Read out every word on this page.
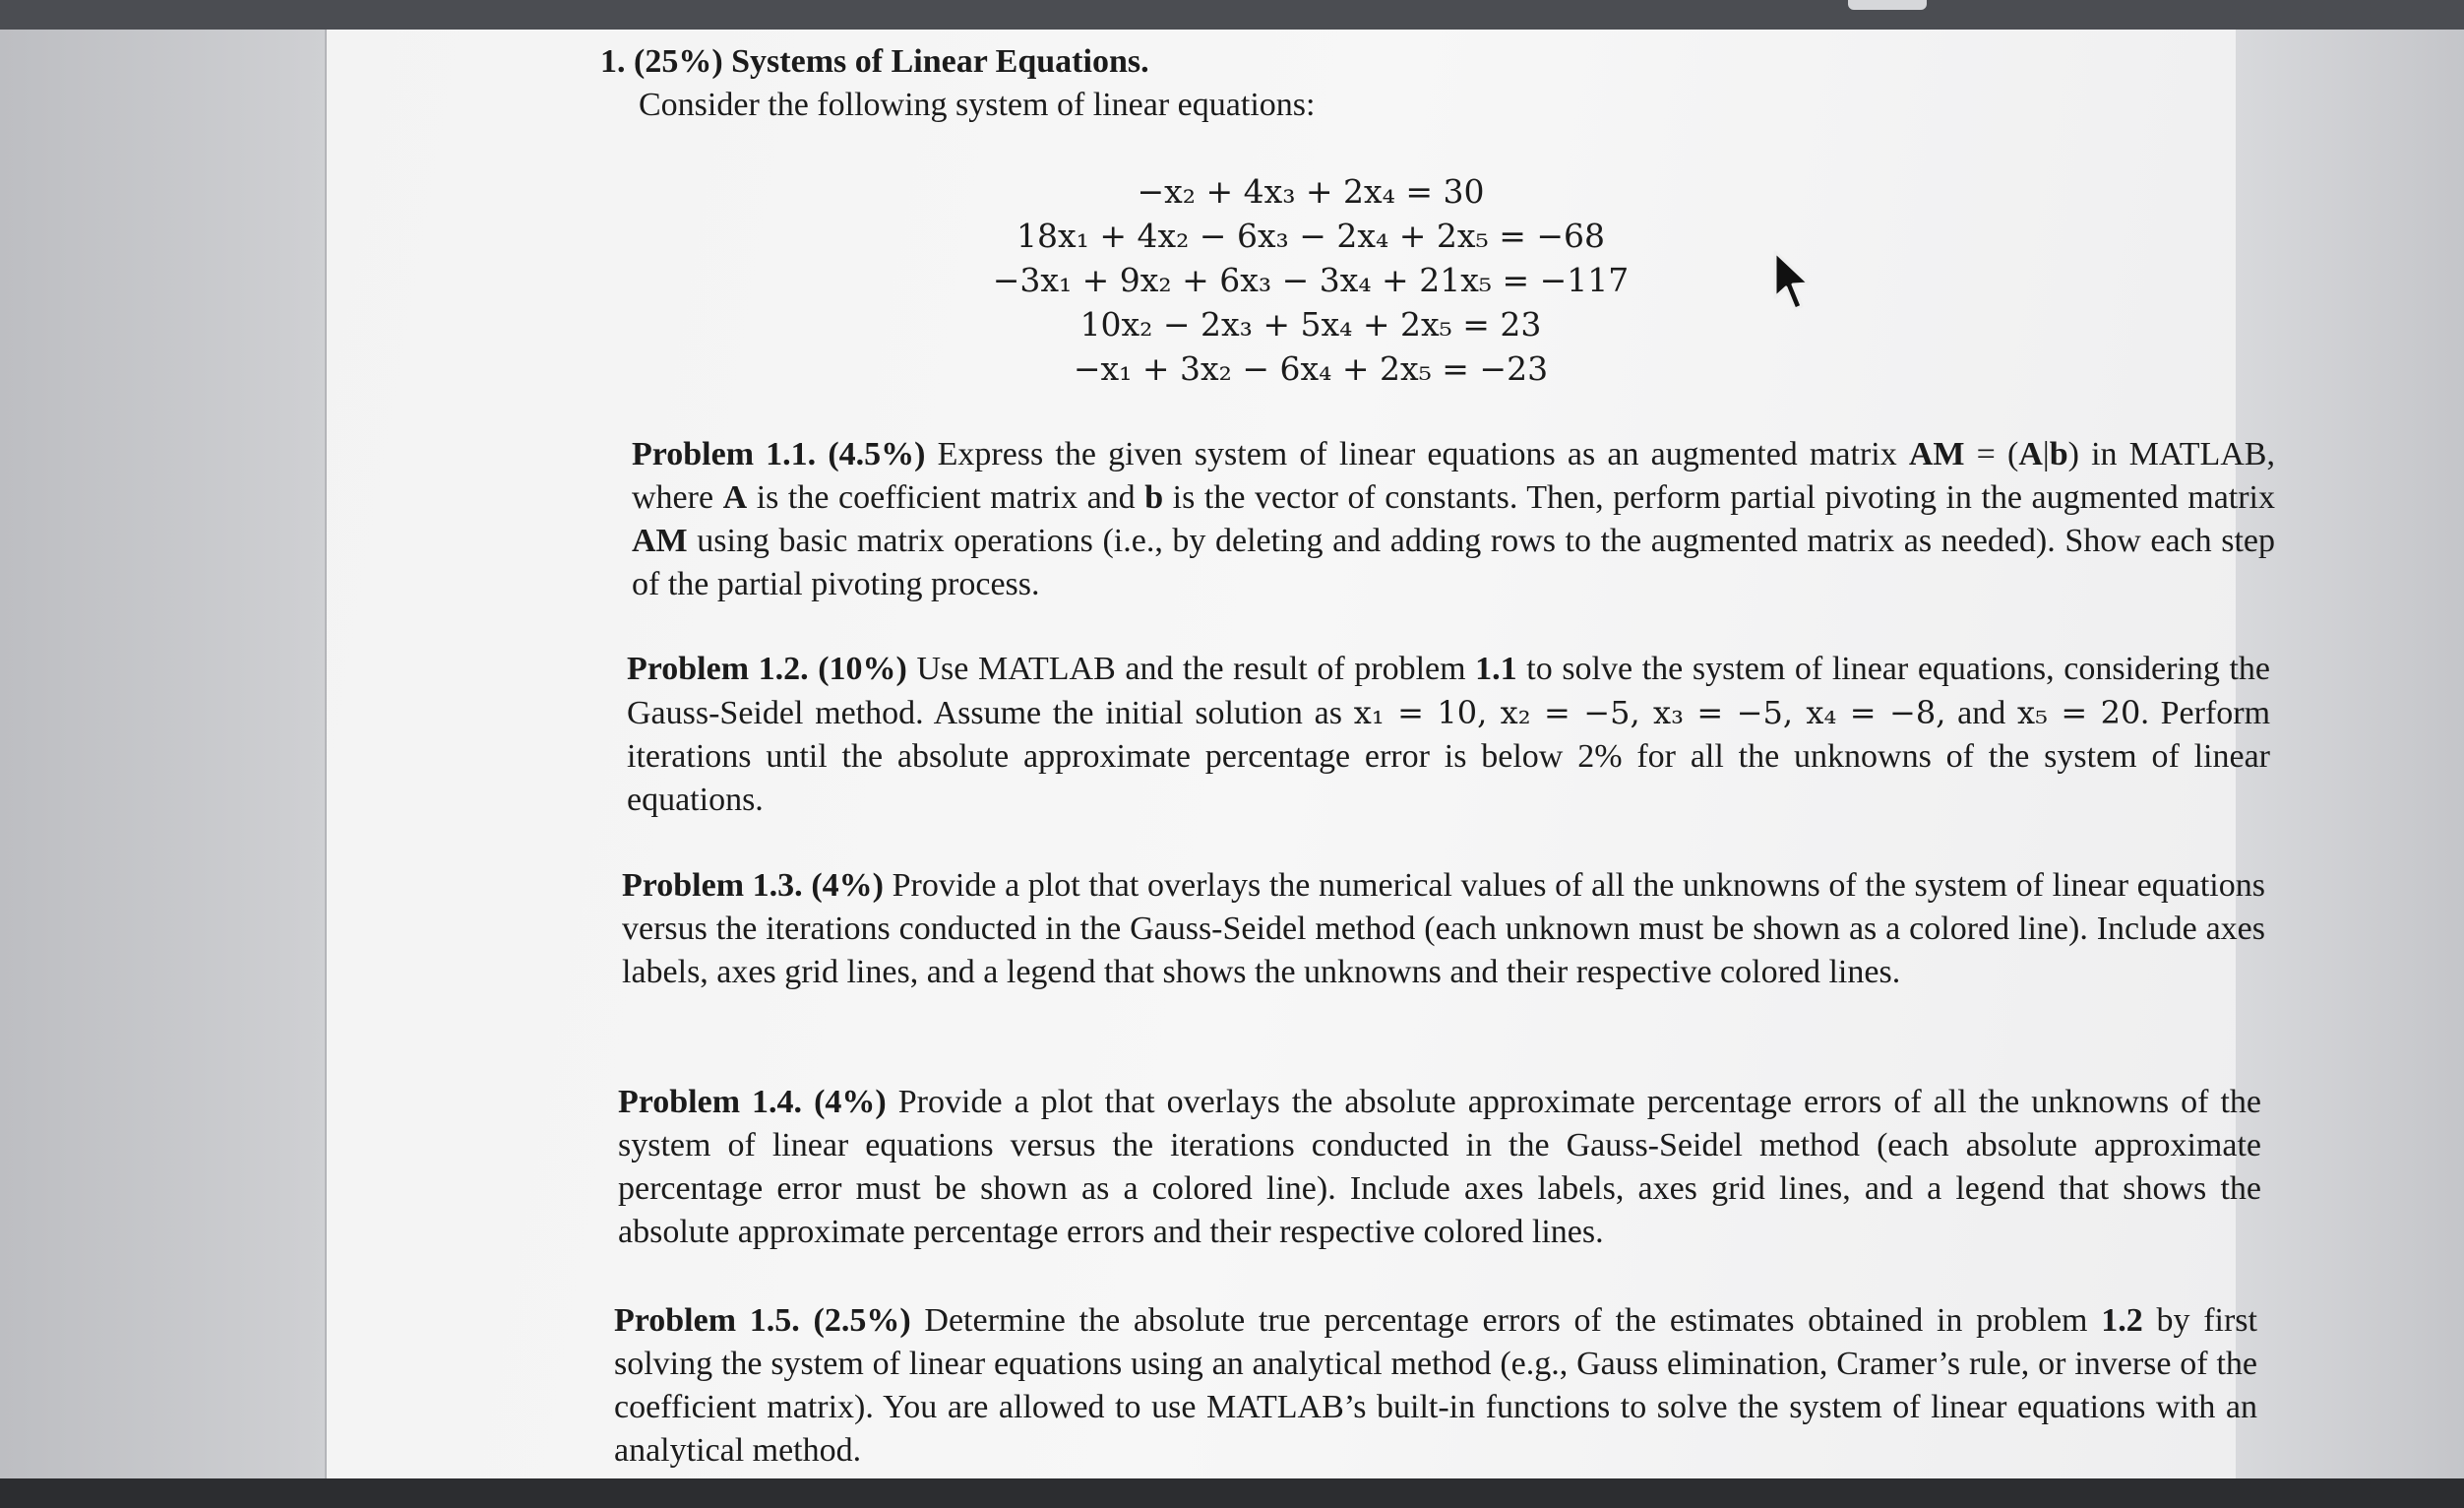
1. (25%) Systems of Linear Equations.
Consider the following system of linear equations:
−x₂ + 4x₃ + 2x₄ = 30
18x₁ + 4x₂ − 6x₃ − 2x₄ + 2x₅ = −68
−3x₁ + 9x₂ + 6x₃ − 3x₄ + 21x₅ = −117
10x₂ − 2x₃ + 5x₄ + 2x₅ = 23
−x₁ + 3x₂ − 6x₄ + 2x₅ = −23
Problem 1.1. (4.5%) Express the given system of linear equations as an augmented matrix AM = (A|b) in MATLAB, where A is the coefficient matrix and b is the vector of constants. Then, perform partial pivoting in the augmented matrix AM using basic matrix operations (i.e., by deleting and adding rows to the augmented matrix as needed). Show each step of the partial pivoting process.
Problem 1.2. (10%) Use MATLAB and the result of problem 1.1 to solve the system of linear equations, considering the Gauss-Seidel method. Assume the initial solution as x₁ = 10, x₂ = −5, x₃ = −5, x₄ = −8, and x₅ = 20. Perform iterations until the absolute approximate percentage error is below 2% for all the unknowns of the system of linear equations.
Problem 1.3. (4%) Provide a plot that overlays the numerical values of all the unknowns of the system of linear equations versus the iterations conducted in the Gauss-Seidel method (each unknown must be shown as a colored line). Include axes labels, axes grid lines, and a legend that shows the unknowns and their respective colored lines.
Problem 1.4. (4%) Provide a plot that overlays the absolute approximate percentage errors of all the unknowns of the system of linear equations versus the iterations conducted in the Gauss-Seidel method (each absolute approximate percentage error must be shown as a colored line). Include axes labels, axes grid lines, and a legend that shows the absolute approximate percentage errors and their respective colored lines.
Problem 1.5. (2.5%) Determine the absolute true percentage errors of the estimates obtained in problem 1.2 by first solving the system of linear equations using an analytical method (e.g., Gauss elimination, Cramer’s rule, or inverse of the coefficient matrix). You are allowed to use MATLAB’s built-in functions to solve the system of linear equations with an analytical method.
